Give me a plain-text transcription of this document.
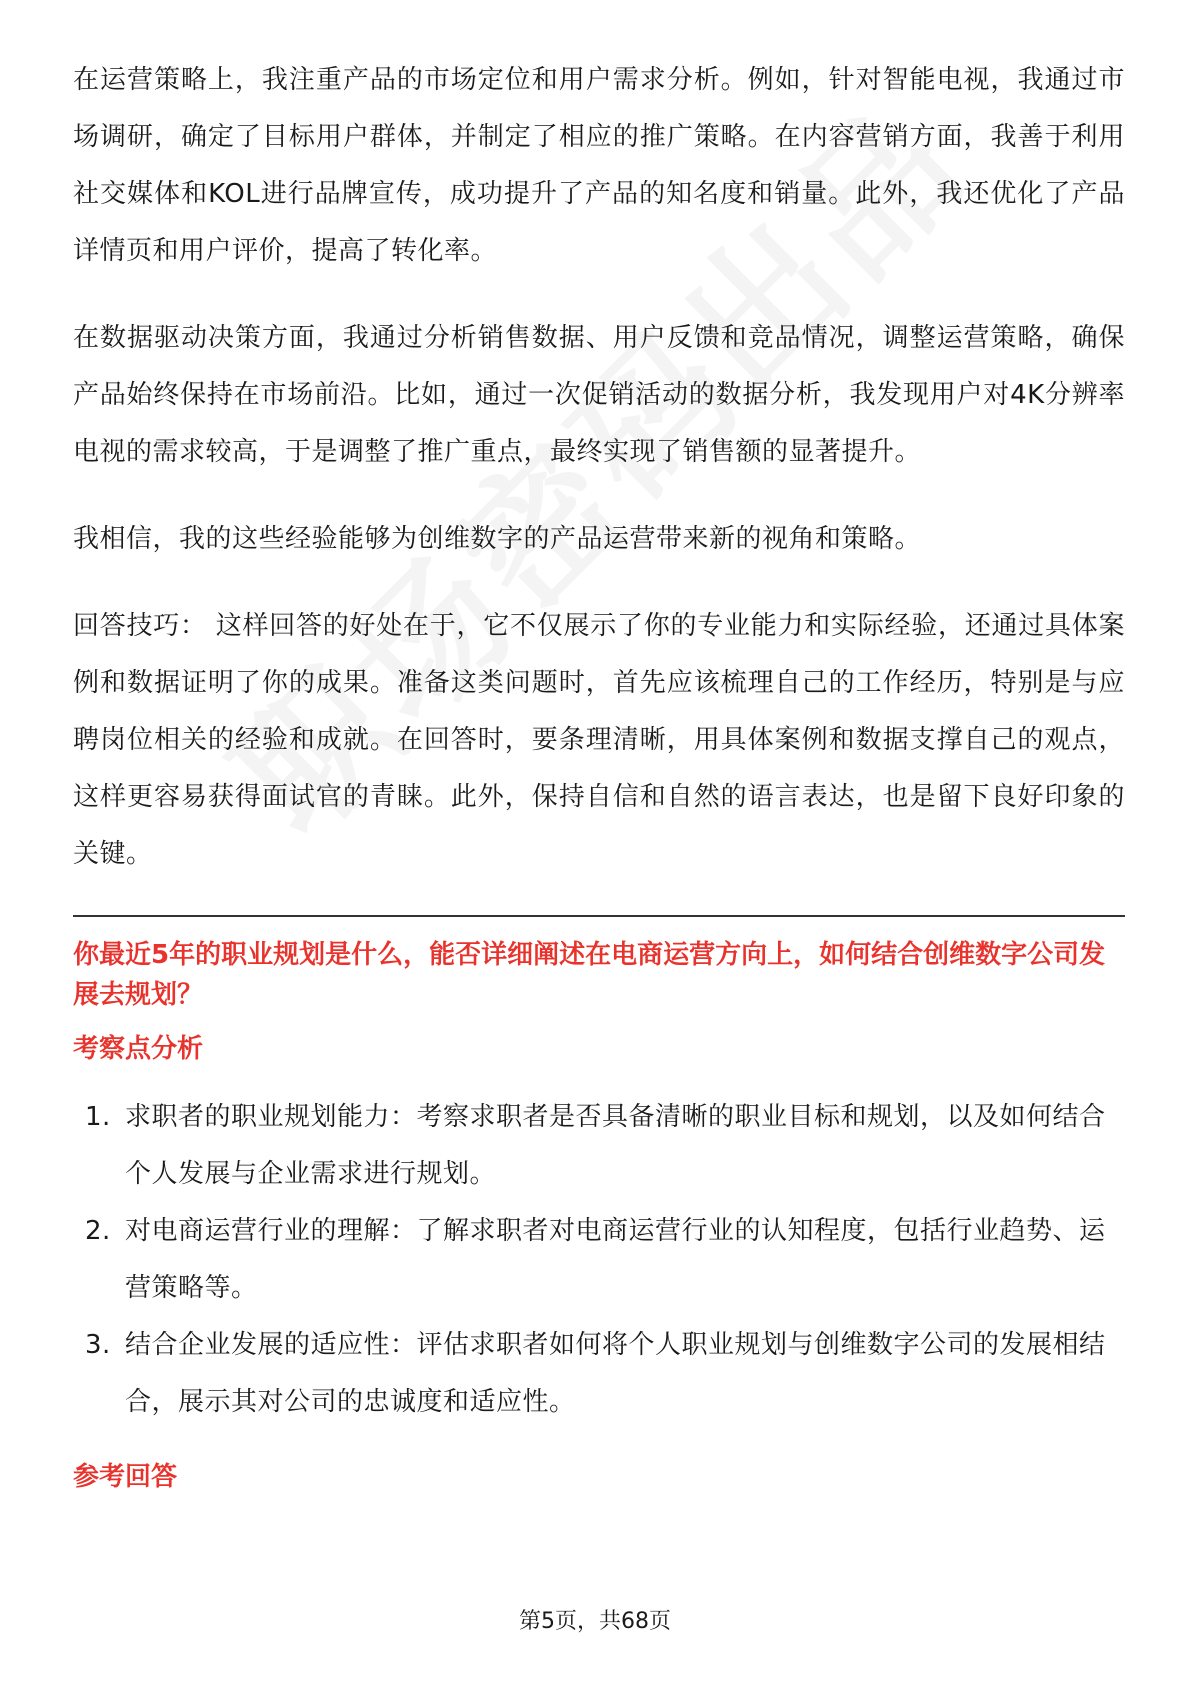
在运营策略上，我注重产品的市场定位和用户需求分析。例如，针对智能电视，我通过市场调研，确定了目标用户群体，并制定了相应的推广策略。在内容营销方面，我善于利用社交媒体和KOL进行品牌宣传，成功提升了产品的知名度和销量。此外，我还优化了产品详情页和用户评价，提高了转化率。

在数据驱动决策方面，我通过分析销售数据、用户反馈和竞品情况，调整运营策略，确保产品始终保持在市场前沿。比如，通过一次促销活动的数据分析，我发现用户对4K分辨率电视的需求较高，于是调整了推广重点，最终实现了销售额的显著提升。

我相信，我的这些经验能够为创维数字的产品运营带来新的视角和策略。

回答技巧： 这样回答的好处在于，它不仅展示了你的专业能力和实际经验，还通过具体案例和数据证明了你的成果。准备这类问题时，首先应该梳理自己的工作经历，特别是与应聘岗位相关的经验和成就。在回答时，要条理清晰，用具体案例和数据支撑自己的观点，这样更容易获得面试官的青睐。此外，保持自信和自然的语言表达，也是留下良好印象的关键。

你最近5年的职业规划是什么，能否详细阐述在电商运营方向上，如何结合创维数字公司发展去规划？
考察点分析
1. 求职者的职业规划能力：考察求职者是否具备清晰的职业目标和规划，以及如何结合个人发展与企业需求进行规划。
2. 对电商运营行业的理解：了解求职者对电商运营行业的认知程度，包括行业趋势、运营策略等。
3. 结合企业发展的适应性：评估求职者如何将个人职业规划与创维数字公司的发展相结合，展示其对公司的忠诚度和适应性。
参考回答
第5页，共68页
